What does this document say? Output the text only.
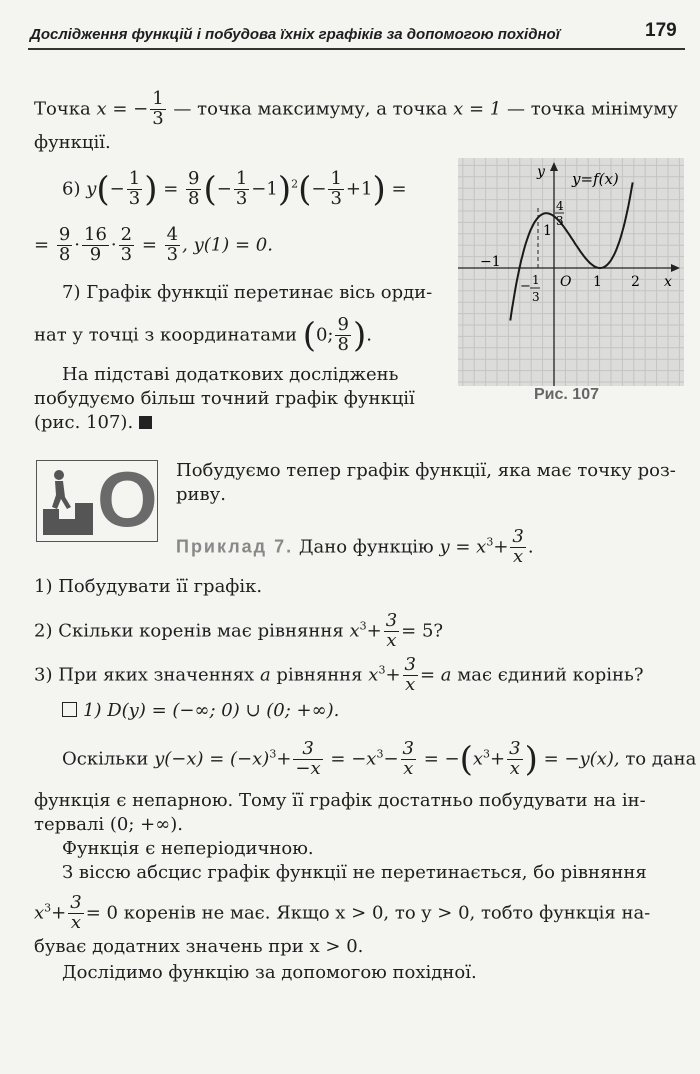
Дослідження функцій і побудова їхніх графіків за допомогою похідної	179
Точка x = − $\frac{1}{3}$ — точка максимуму, а точка x = 1 — точка мінімуму
функції.
6) $y(- \frac{1}{3}$ ) = $\frac{9}{8}$ (− $\frac{1}{3} -1)^2(- \frac{1}{3} +1)$ =
= $\frac{9}{8} \cdot \frac{16}{9} \cdot \frac{2}{3} = \frac{4}{3}$ , y(1) = 0.
7) Графік функції перетинає вісь орди-
нат у точці з координатами (0; $\frac{9}{8}$ ).
На підставі додаткових досліджень
побудуємо більш точний графік функції
(рис. 107).
y=f(x)
y
x
O 1 2
−1
1
4
3
− 1
3
Рис. 107
O Побудуємо тепер графік функції, яка має точку роз-
риву.
Приклад 7. Дано функцію $y = x^3+ \frac{3}{x}$ .
1) Побудувати її графік.
2) Скільки коренів має рівняння $x^3+ \frac{3}{x} = 5$?
3) При яких значеннях a рівняння $x^3+ \frac{3}{x} = a$ має єдиний корінь?
1) D(y) = (−∞; 0) ∪ (0; +∞).
Оскільки $y(-x) = (-x)^3+ \frac{3}{-x} = -x^3- \frac{3}{x} = -(x^3+ \frac{3}{x}$ ) = −y(x), то дана
функція є непарною. Тому її графік достатньо побудувати на ін-
тервалі (0; +∞).
Функція є неперіодичною.
З віссю абсцис графік функції не перетинається, бо рівняння
$x^3+ \frac{3}{x} = 0$ коренів не має. Якщо x > 0, то y > 0, тобто функція на-
буває додатних значень при x > 0.
Дослідимо функцію за допомогою похідної.
